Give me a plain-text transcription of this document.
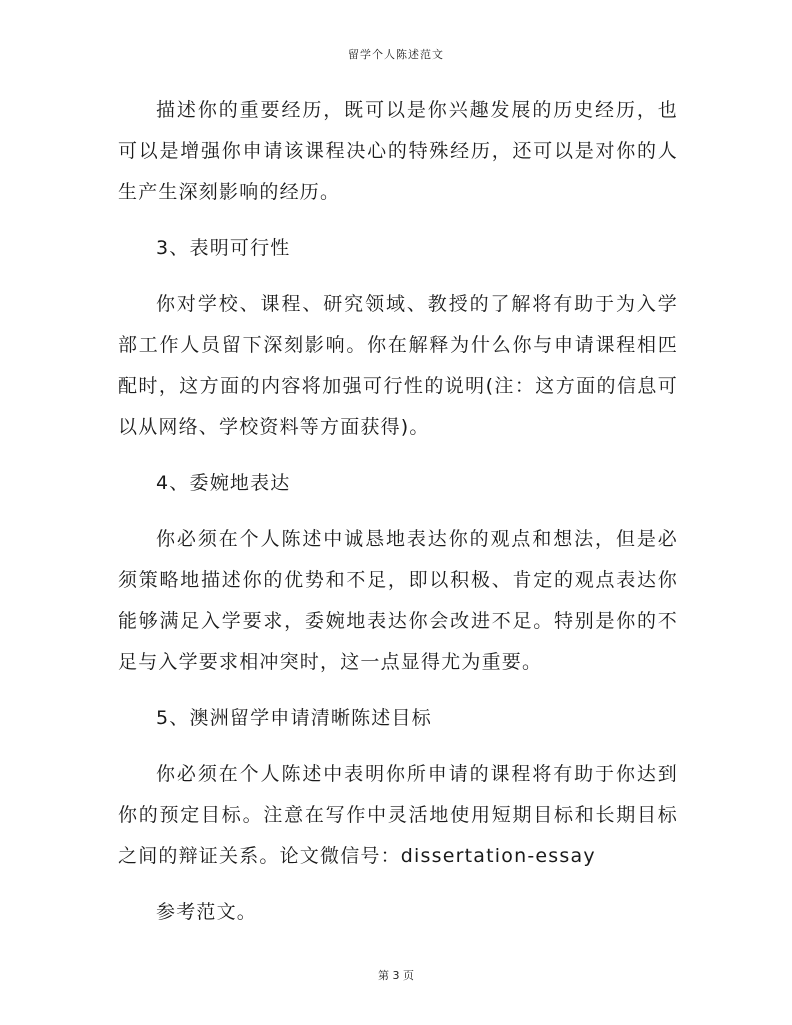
留学个人陈述范文

描述你的重要经历，既可以是你兴趣发展的历史经历，也可以是增强你申请该课程决心的特殊经历，还可以是对你的人生产生深刻影响的经历。

3、表明可行性

你对学校、课程、研究领域、教授的了解将有助于为入学部工作人员留下深刻影响。你在解释为什么你与申请课程相匹配时，这方面的内容将加强可行性的说明(注：这方面的信息可以从网络、学校资料等方面获得)。

4、委婉地表达

你必须在个人陈述中诚恳地表达你的观点和想法，但是必须策略地描述你的优势和不足，即以积极、肯定的观点表达你能够满足入学要求，委婉地表达你会改进不足。特别是你的不足与入学要求相冲突时，这一点显得尤为重要。

5、澳洲留学申请清晰陈述目标

你必须在个人陈述中表明你所申请的课程将有助于你达到你的预定目标。注意在写作中灵活地使用短期目标和长期目标之间的辩证关系。论文微信号：dissertation-essay

参考范文。

第 3 页
